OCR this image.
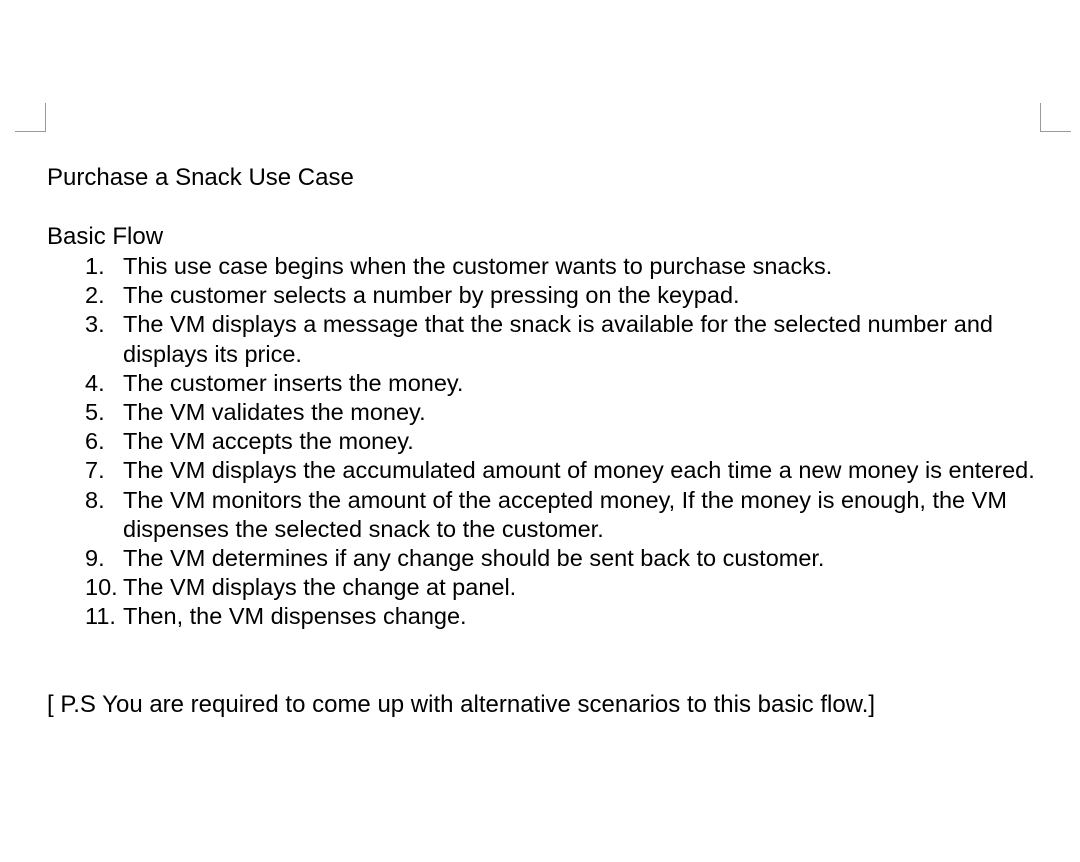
Purchase a Snack Use Case
Basic Flow
1. This use case begins when the customer wants to purchase snacks.
2. The customer selects a number by pressing on the keypad.
3. The VM displays a message that the snack is available for the selected number and displays its price.
4. The customer inserts the money.
5. The VM validates the money.
6. The VM accepts the money.
7. The VM displays the accumulated amount of money each time a new money is entered.
8. The VM monitors the amount of the accepted money, If the money is enough, the VM dispenses the selected snack to the customer.
9. The VM determines if any change should be sent back to customer.
10. The VM displays the change at panel.
11. Then, the VM dispenses change.

[ P.S You are required to come up with alternative scenarios to this basic flow.]
